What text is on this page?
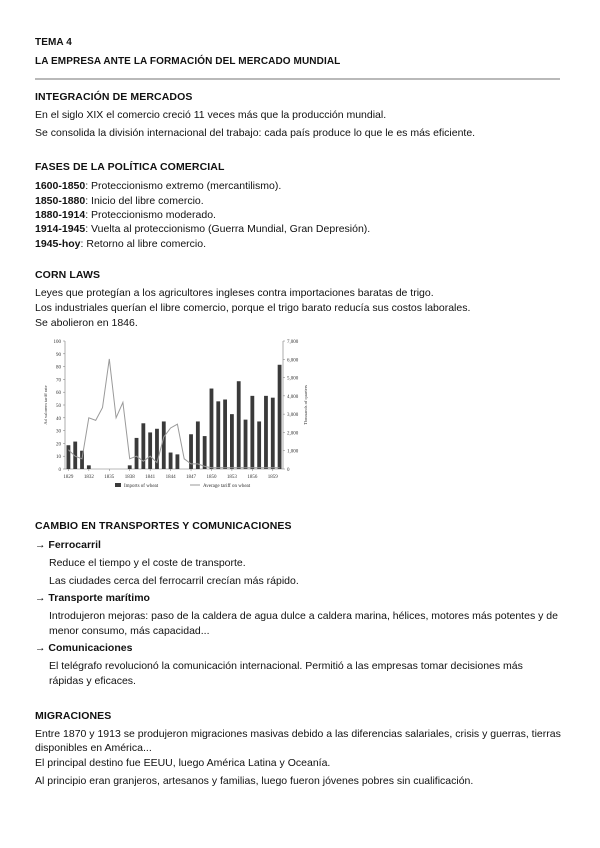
TEMA 4
LA EMPRESA ANTE LA FORMACIÓN DEL MERCADO MUNDIAL
INTEGRACIÓN DE MERCADOS
En el siglo XIX el comercio creció 11 veces más que la producción mundial.
Se consolida la división internacional del trabajo: cada país produce lo que le es más eficiente.
FASES DE LA POLÍTICA COMERCIAL
1600-1850: Proteccionismo extremo (mercantilismo).
1850-1880: Inicio del libre comercio.
1880-1914: Proteccionismo moderado.
1914-1945: Vuelta al proteccionismo (Guerra Mundial, Gran Depresión).
1945-hoy: Retorno al libre comercio.
CORN LAWS
Leyes que protegían a los agricultores ingleses contra importaciones baratas de trigo.
Los industriales querían el libre comercio, porque el trigo barato reducía sus costos laborales.
Se abolieron en 1846.
0
10
20
30
40
50
60
70
80
90
100
0
1,000
2,000
3,000
4,000
5,000
6,000
7,000
Ad valorem tariff rate	Thousands of quarters
1829 1832 1835 1838 1841 1844 1847 1850 1853 1856 1859
Imports of wheat	Average tariff on wheat
CAMBIO EN TRANSPORTES Y COMUNICACIONES
→ Ferrocarril
Reduce el tiempo y el coste de transporte.
Las ciudades cerca del ferrocarril crecían más rápido.
→ Transporte marítimo
Introdujeron mejoras: paso de la caldera de agua dulce a caldera marina, hélices, motores más potentes y de menor consumo, más capacidad...
→ Comunicaciones
El telégrafo revolucionó la comunicación internacional. Permitió a las empresas tomar decisiones más rápidas y eficaces.
MIGRACIONES
Entre 1870 y 1913 se produjeron migraciones masivas debido a las diferencias salariales, crisis y guerras, tierras disponibles en América...
El principal destino fue EEUU, luego América Latina y Oceanía.
Al principio eran granjeros, artesanos y familias, luego fueron jóvenes pobres sin cualificación.
